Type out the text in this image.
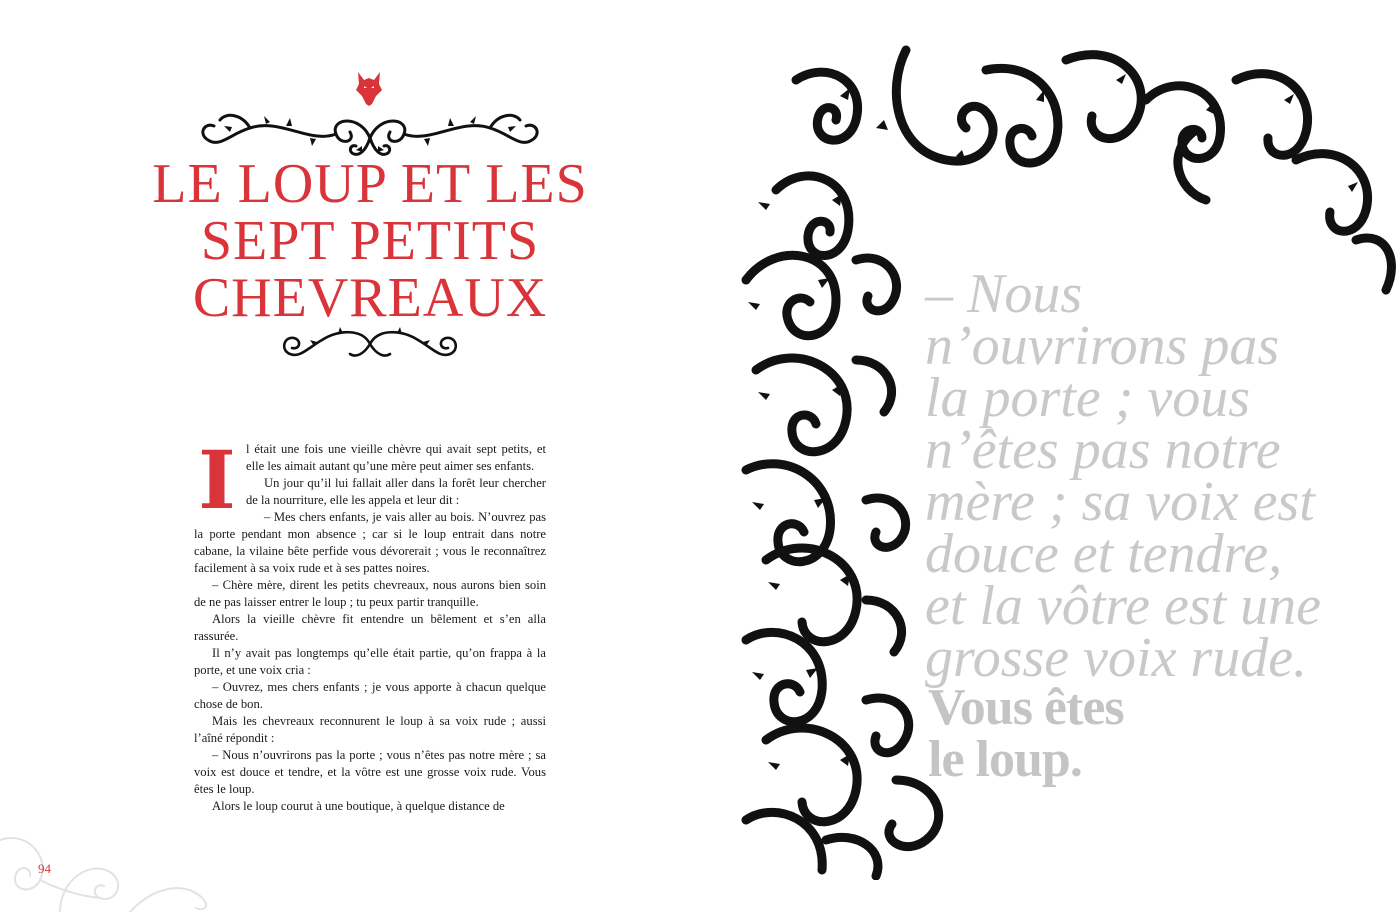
LE LOUP ET LES
SEPT PETITS
CHEVREAUX
I l était une fois une vieille chèvre qui avait sept petits, et elle les aimait autant qu’une mère peut aimer ses enfants.

Un jour qu’il lui fallait aller dans la forêt leur chercher de la nourriture, elle les appela et leur dit :

– Mes chers enfants, je vais aller au bois. N’ouvrez pas la porte pendant mon absence ; car si le loup entrait dans notre cabane, la vilaine bête perfide vous dévorerait ; vous le reconnaîtrez facilement à sa voix rude et à ses pattes noires.

– Chère mère, dirent les petits chevreaux, nous aurons bien soin de ne pas laisser entrer le loup ; tu peux partir tranquille.

Alors la vieille chèvre fit entendre un bêlement et s’en alla rassurée.

Il n’y avait pas longtemps qu’elle était partie, qu’on frappa à la porte, et une voix cria :

– Ouvrez, mes chers enfants ; je vous apporte à chacun quelque chose de bon.

Mais les chevreaux reconnurent le loup à sa voix rude ; aussi l’aîné répondit :

– Nous n’ouvrirons pas la porte ; vous n’êtes pas notre mère ; sa voix est douce et tendre, et la vôtre est une grosse voix rude. Vous êtes le loup.

Alors le loup courut à une boutique, à quelque distance de

94

– Nous
n’ouvrirons pas
la porte ; vous
n’êtes pas notre
mère ; sa voix est
douce et tendre,
et la vôtre est une
grosse voix rude.

Vous êtes
le loup.
